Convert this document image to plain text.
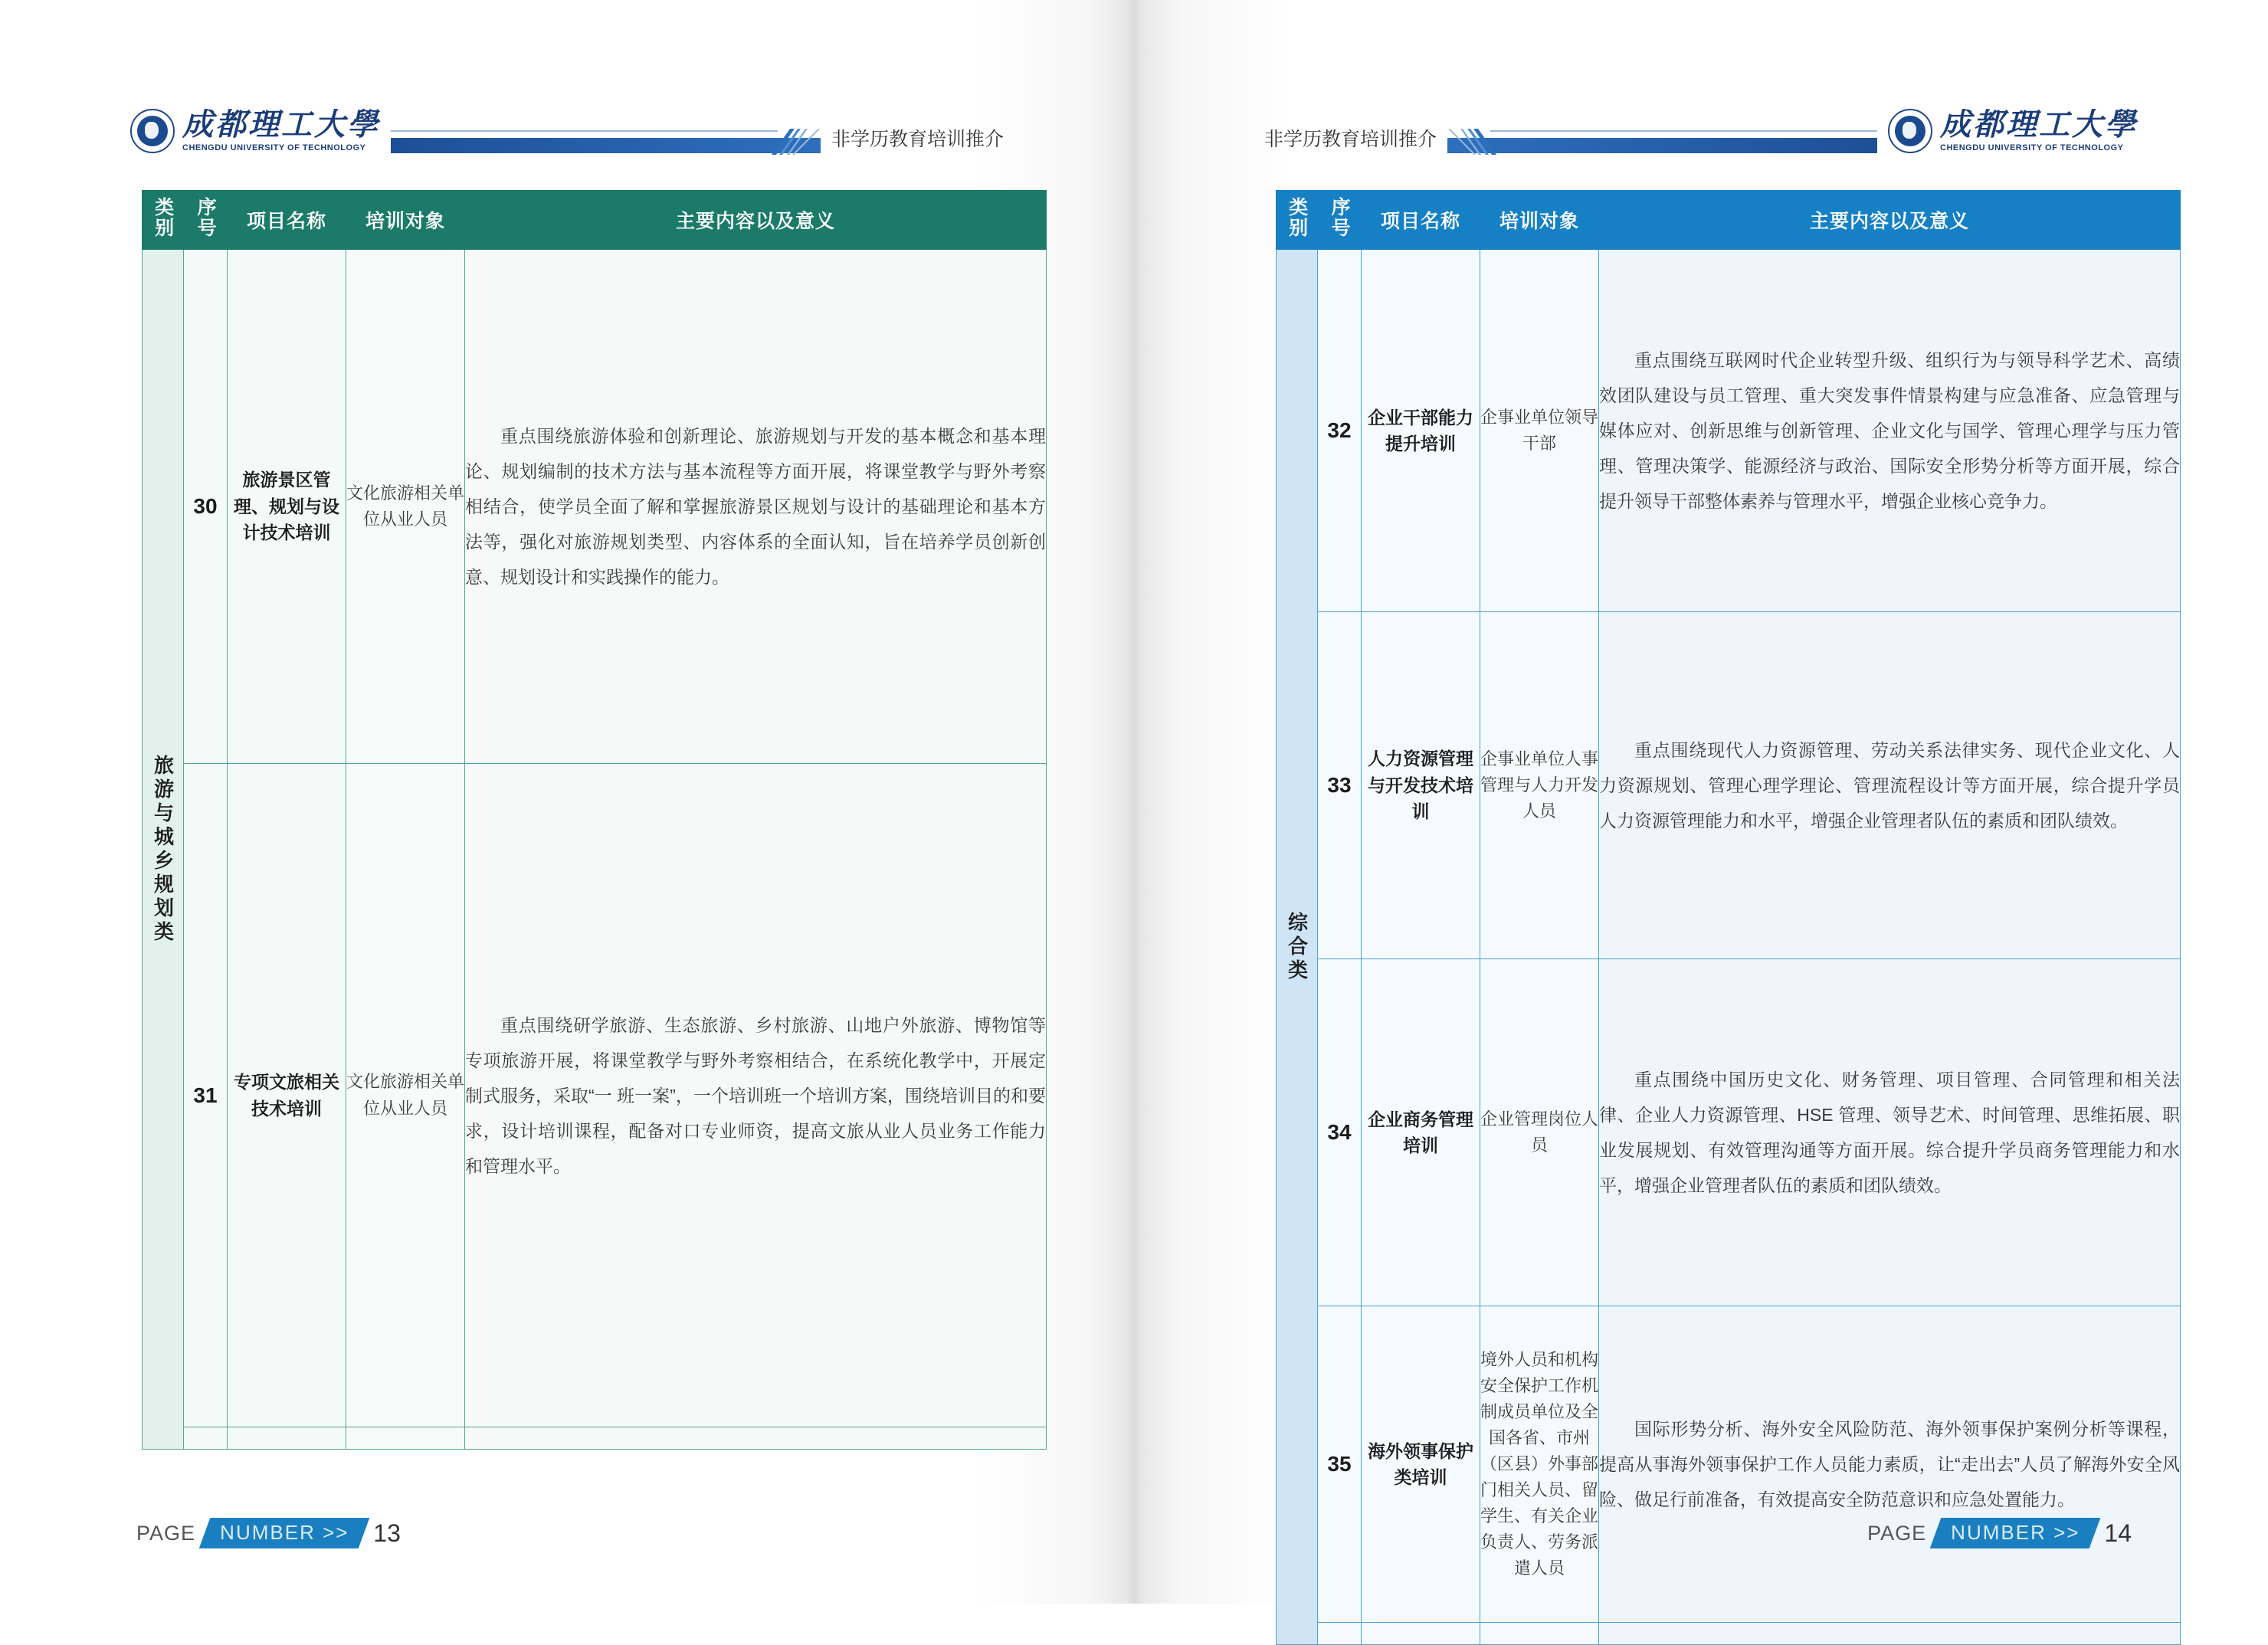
成都理工大學
CHENGDU UNIVERSITY OF TECHNOLOGY	非学历教育培训推介
类别	序号	项目名称	培训对象	主要内容以及意义

旅游与城乡规划类	30	旅游景区管理、规划与设计技术培训	文化旅游相关单位从业人员	重点围绕旅游体验和创新理论、旅游规划与开发的基本概念和基本理论、规划编制的技术方法与基本流程等方面开展，将课堂教学与野外考察相结合，使学员全面了解和掌握旅游景区规划与设计的基础理论和基本方法等，强化对旅游规划类型、内容体系的全面认知，旨在培养学员创新创意、规划设计和实践操作的能力。

	31	专项文旅相关技术培训	文化旅游相关单位从业人员	重点围绕研学旅游、生态旅游、乡村旅游、山地户外旅游、博物馆等专项旅游开展，将课堂教学与野外考察相结合，在系统化教学中，开展定制式服务，采取“一 班一案”，一个培训班一个培训方案，围绕培训目的和要求，设计培训课程，配备对口专业师资，提高文旅从业人员业务工作能力和管理水平。

PAGE	NUMBER >> 13
成都理工大學
CHENGDU UNIVERSITY OF TECHNOLOGY
非学历教育培训推介
类别	序号	项目名称	培训对象	主要内容以及意义

综合类	32	企业干部能力提升培训	企事业单位领导干部	重点围绕互联网时代企业转型升级、组织行为与领导科学艺术、高绩效团队建设与员工管理、重大突发事件情景构建与应急准备、应急管理与媒体应对、创新思维与创新管理、企业文化与国学、管理心理学与压力管理、管理决策学、能源经济与政治、国际安全形势分析等方面开展，综合提升领导干部整体素养与管理水平，增强企业核心竞争力。

	33	人力资源管理与开发技术培训	企事业单位人事管理与人力开发人员	重点围绕现代人力资源管理、劳动关系法律实务、现代企业文化、人力资源规划、管理心理学理论、管理流程设计等方面开展，综合提升学员人力资源管理能力和水平，增强企业管理者队伍的素质和团队绩效。

	34	企业商务管理培训	企业管理岗位人员	重点围绕中国历史文化、财务管理、项目管理、合同管理和相关法律、企业人力资源管理、HSE 管理、领导艺术、时间管理、思维拓展、职业发展规划、有效管理沟通等方面开展。综合提升学员商务管理能力和水平，增强企业管理者队伍的素质和团队绩效。

	35	海外领事保护类培训	境外人员和机构安全保护工作机制成员单位及全国各省、市州（区县）外事部门相关人员、留学生、有关企业负责人、劳务派遣人员	国际形势分析、海外安全风险防范、海外领事保护案例分析等课程，提高从事海外领事保护工作人员能力素质，让“走出去”人员了解海外安全风险、做足行前准备，有效提高安全防范意识和应急处置能力。

PAGE	NUMBER >> 14
